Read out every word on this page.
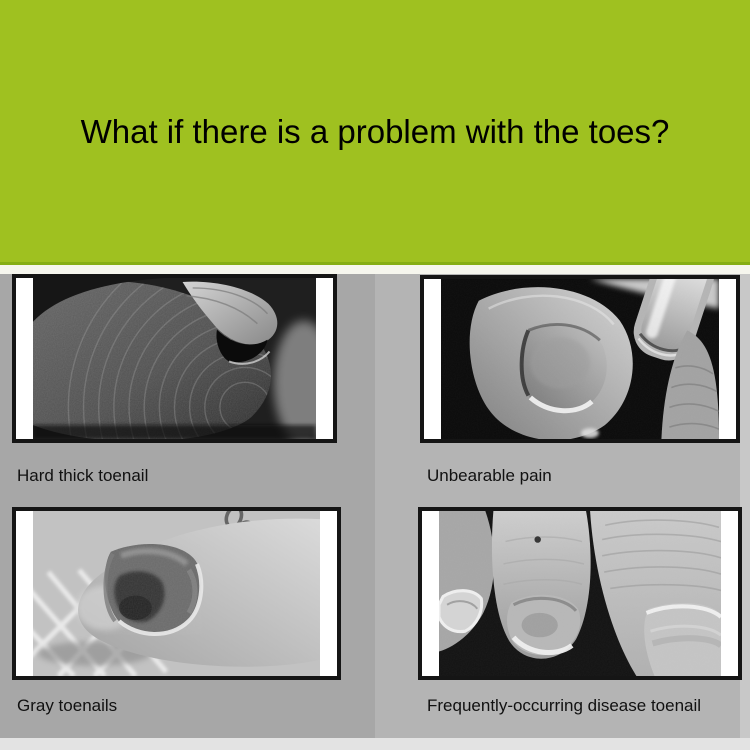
What if there is a problem with the toes?
Hard thick toenail	Unbearable pain
Gray toenails	Frequently-occurring disease toenail
